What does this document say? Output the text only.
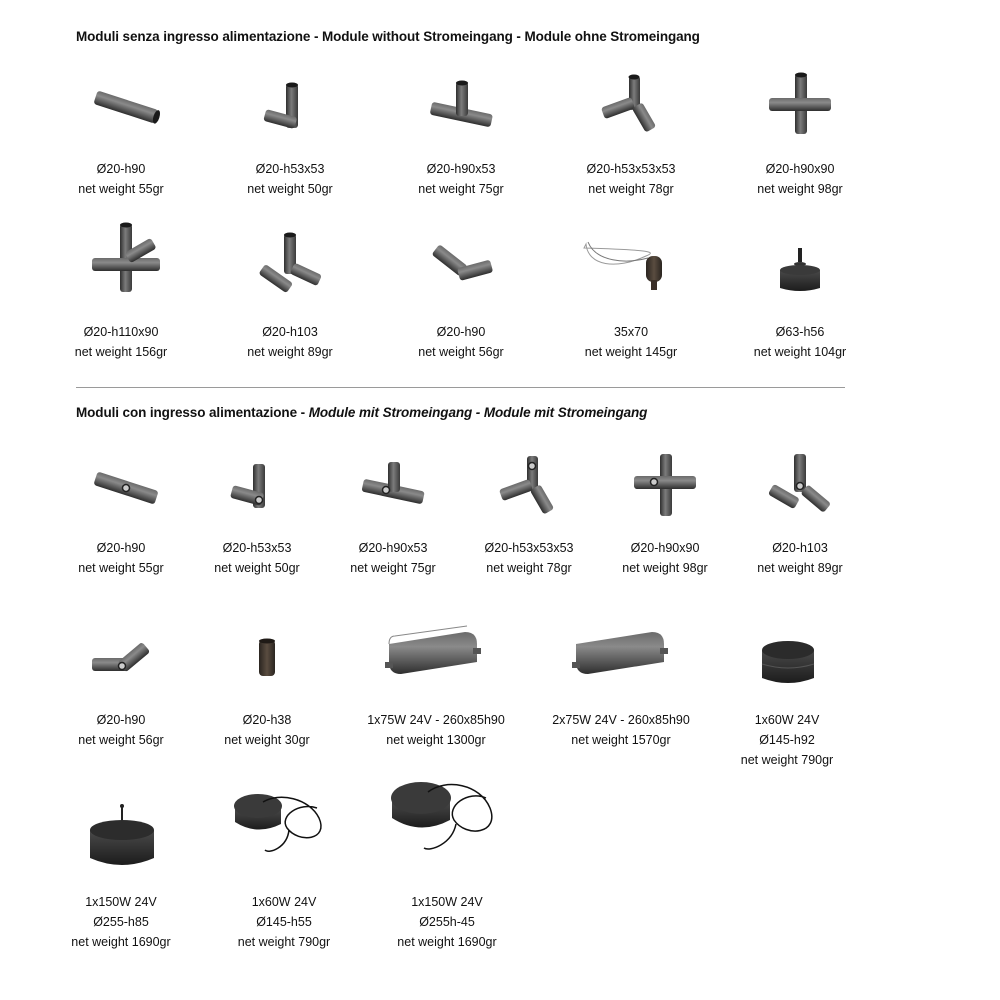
Moduli senza ingresso alimentazione - Module without Stromeingang - Module ohne Stromeingang
Moduli con ingresso alimentazione - Module mit Stromeingang - Module mit Stromeingang
Ø20-h90
net weight 55gr
Ø20-h53x53
net weight 50gr
Ø20-h90x53
net weight 75gr
Ø20-h53x53x53
net weight 78gr
Ø20-h90x90
net weight 98gr
Ø20-h110x90
net weight 156gr
Ø20-h103
net weight 89gr
Ø20-h90
net weight 56gr
35x70
net weight 145gr
Ø63-h56
net weight 104gr
Ø20-h90
net weight 55gr
Ø20-h53x53
net weight 50gr
Ø20-h90x53
net weight 75gr
Ø20-h53x53x53
net weight 78gr
Ø20-h90x90
net weight 98gr
Ø20-h103
net weight 89gr
Ø20-h90
net weight 56gr
Ø20-h38
net weight 30gr
1x75W 24V - 260x85h90
net weight 1300gr
2x75W 24V - 260x85h90
net weight 1570gr
1x60W 24V
Ø145-h92
net weight 790gr
1x150W 24V
Ø255-h85
net weight 1690gr
1x60W 24V
Ø145-h55
net weight 790gr
1x150W 24V
Ø255h-45
net weight 1690gr
